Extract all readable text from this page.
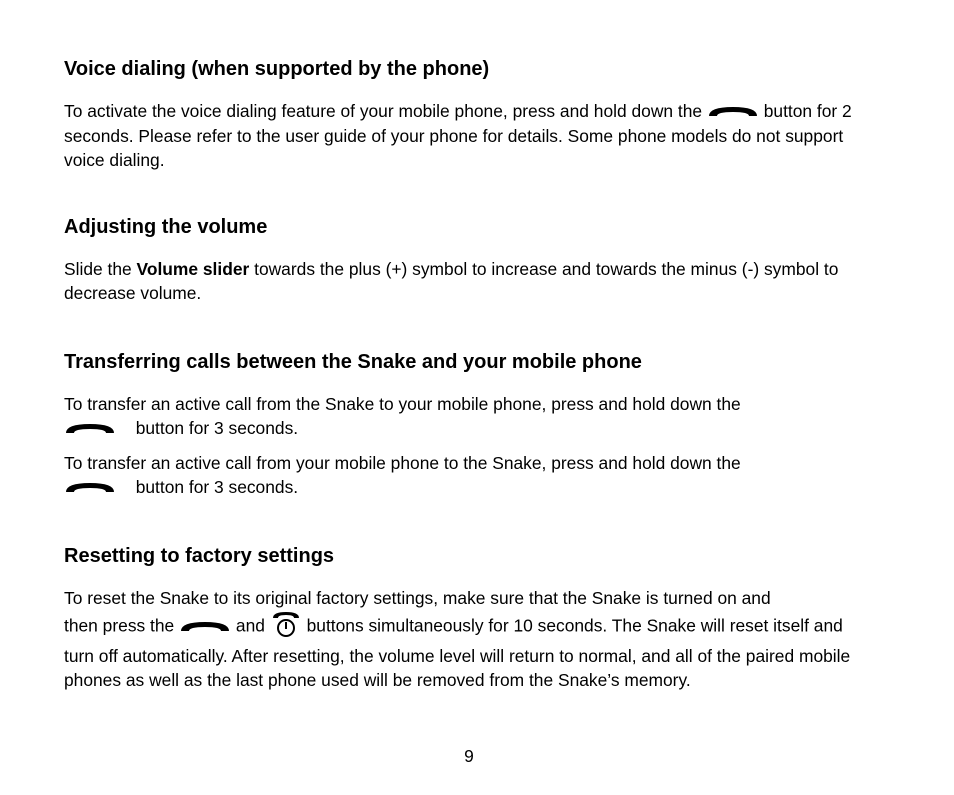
Voice dialing (when supported by the phone)

To activate the voice dialing feature of your mobile phone, press and hold down the	button for 2 seconds. Please refer to the user guide of your phone for details. Some phone models do not support voice dialing.

Adjusting the volume

Slide the Volume slider towards the plus (+) symbol to increase and towards the minus (-) symbol to decrease volume.

Transferring calls between the Snake and your mobile phone

To transfer an active call from the Snake to your mobile phone, press and hold down the
button for 3 seconds.

To transfer an active call from your mobile phone to the Snake, press and hold down the
button for 3 seconds.

Resetting to factory settings

To reset the Snake to its original factory settings, make sure that the Snake is turned on and
then press the	and buttons simultaneously for 10 seconds. The Snake will reset itself and turn off automatically. After resetting, the volume level will return to normal, and all of the paired mobile phones as well as the last phone used will be removed from the Snake’s memory.

9
